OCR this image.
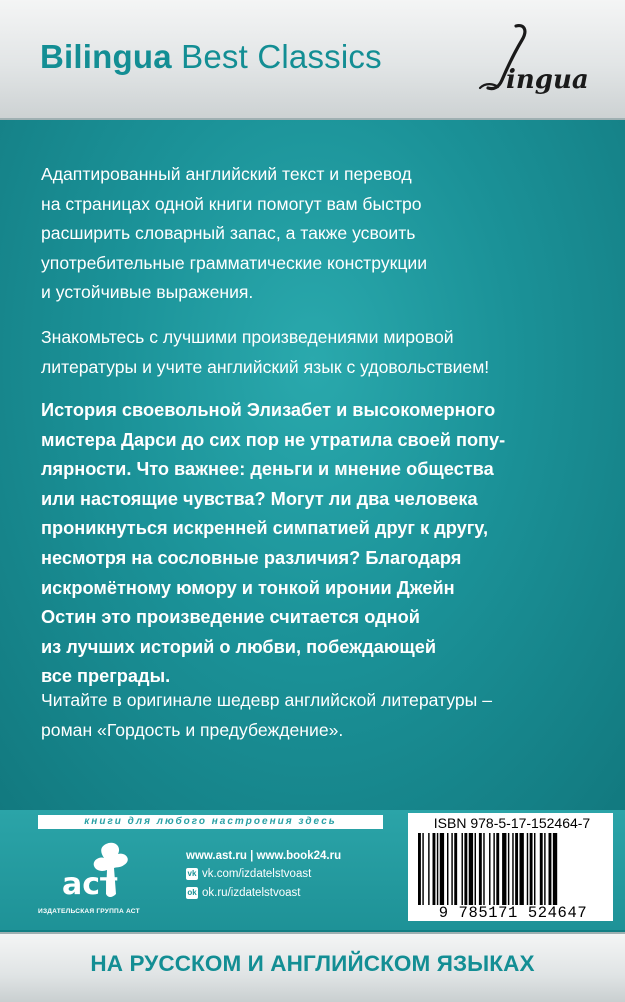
Bilingua Best Classics
ingua
Адаптированный английский текст и перевод
на страницах одной книги помогут вам быстро
расширить словарный запас, а также усвоить
употребительные грамматические конструкции
и устойчивые выражения.
Знакомьтесь с лучшими произведениями мировой
литературы и учите английский язык с удовольствием!
История своевольной Элизабет и высокомерного
мистера Дарси до сих пор не утратила своей попу-
лярности. Что важнее: деньги и мнение общества
или настоящие чувства? Могут ли два человека
проникнуться искренней симпатией друг к другу,
несмотря на сословные различия? Благодаря
искромётному юмору и тонкой иронии Джейн
Остин это произведение считается одной
из лучших историй о любви, побеждающей
все преграды.
Читайте в оригинале шедевр английской литературы –
роман «Гордость и предубеждение».
книги для любого настроения здесь
аст
ИЗДАТЕЛЬСКАЯ ГРУППА АСТ
www.ast.ru | www.book24.ru
vk vk.com/izdatelstvoast
ok ok.ru/izdatelstvoast
ISBN 978-5-17-152464-7
9 785171 524647
НА РУССКОМ И АНГЛИЙСКОМ ЯЗЫКАХ
